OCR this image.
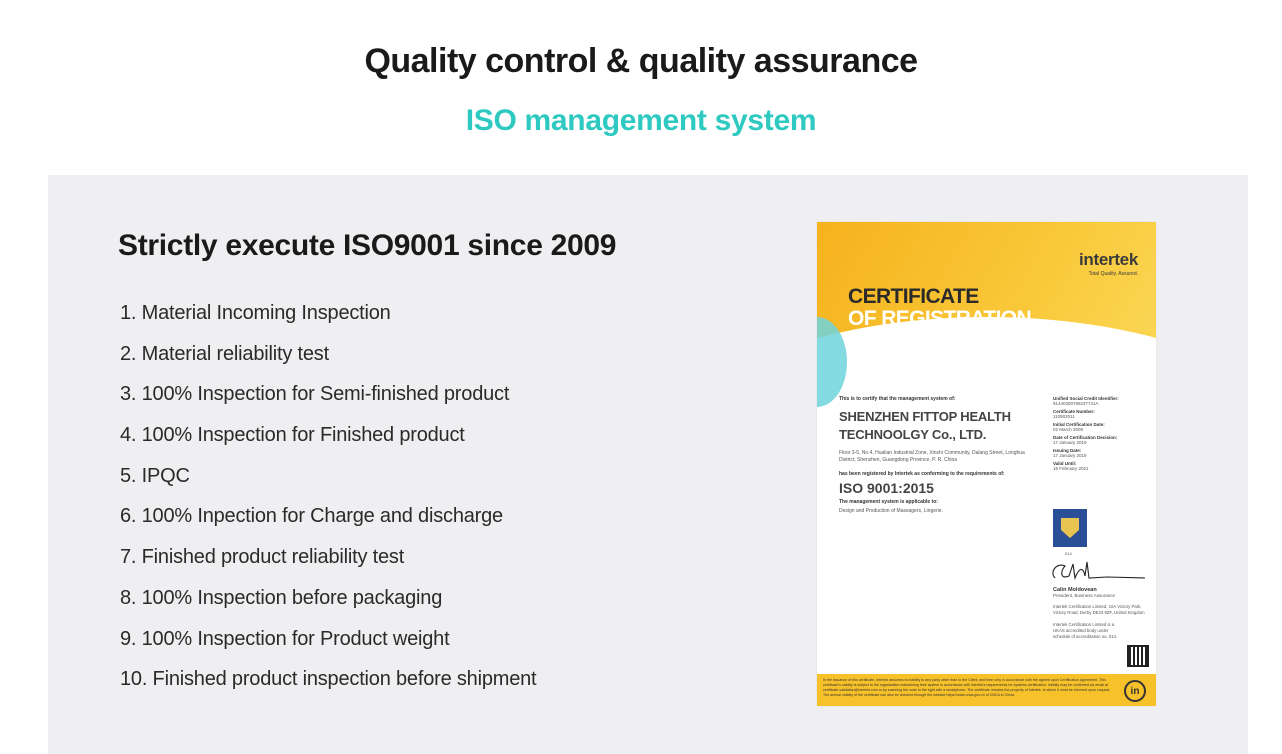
Quality control & quality assurance
ISO management system
Strictly execute ISO9001 since 2009
1. Material Incoming Inspection
2. Material reliability test
3. 100% Inspection for Semi-finished product
4. 100% Inspection for Finished product
5. IPQC
6. 100% Inpection for Charge and discharge
7. Finished product reliability test
8. 100% Inspection before packaging
9. 100% Inspection for Product weight
10. Finished product inspection before shipment
intertek
Total Quality. Assured.
CERTIFICATE
OF REGISTRATION
This is to certify that the management system of:
SHENZHEN FITTOP HEALTH TECHNOOLGY Co., LTD.
Floor 3-5, No.4, Hualian Industrial Zone, Xinshi Community, Dalang Street, Longhua District, Shenzhen, Guangdong Province, P. R. China
has been registered by Intertek as conforming to the requirements of:
ISO 9001:2015
The management system is applicable to:
Design and Production of Massagers, Lingerie.
Unified Social Credit Identifier:
91440300789237741A
Certificate Number:
110902011
Initial Certification Date:
02 March 2009
Date of Certification Decision:
17 January 2019
Issuing Date:
17 January 2019
Valid Until:
16 February 2021
014
Calin Moldovean
President, Business Assurance
Intertek Certification Limited, 10A Victory Park, Victory Road, Derby DE24 8ZF, United Kingdom
Intertek Certification Limited is a UKAS accredited body under schedule of accreditation no. 014.
In the issuance of this certificate, Intertek assumes no liability to any party other than to the Client, and then only in accordance with the agreed upon Certification Agreement. This certificate's validity is subject to the organisation maintaining their system in accordance with Intertek's requirements for systems certification. Validity may be confirmed via email at certificate.validation@intertek.com or by scanning the code to the right with a smartphone. The certificate remains the property of Intertek, to whom it must be returned upon request. The annual validity of the certificate can also be checked through the website https://www.cnca.gov.cn of CNCA in China.	in
